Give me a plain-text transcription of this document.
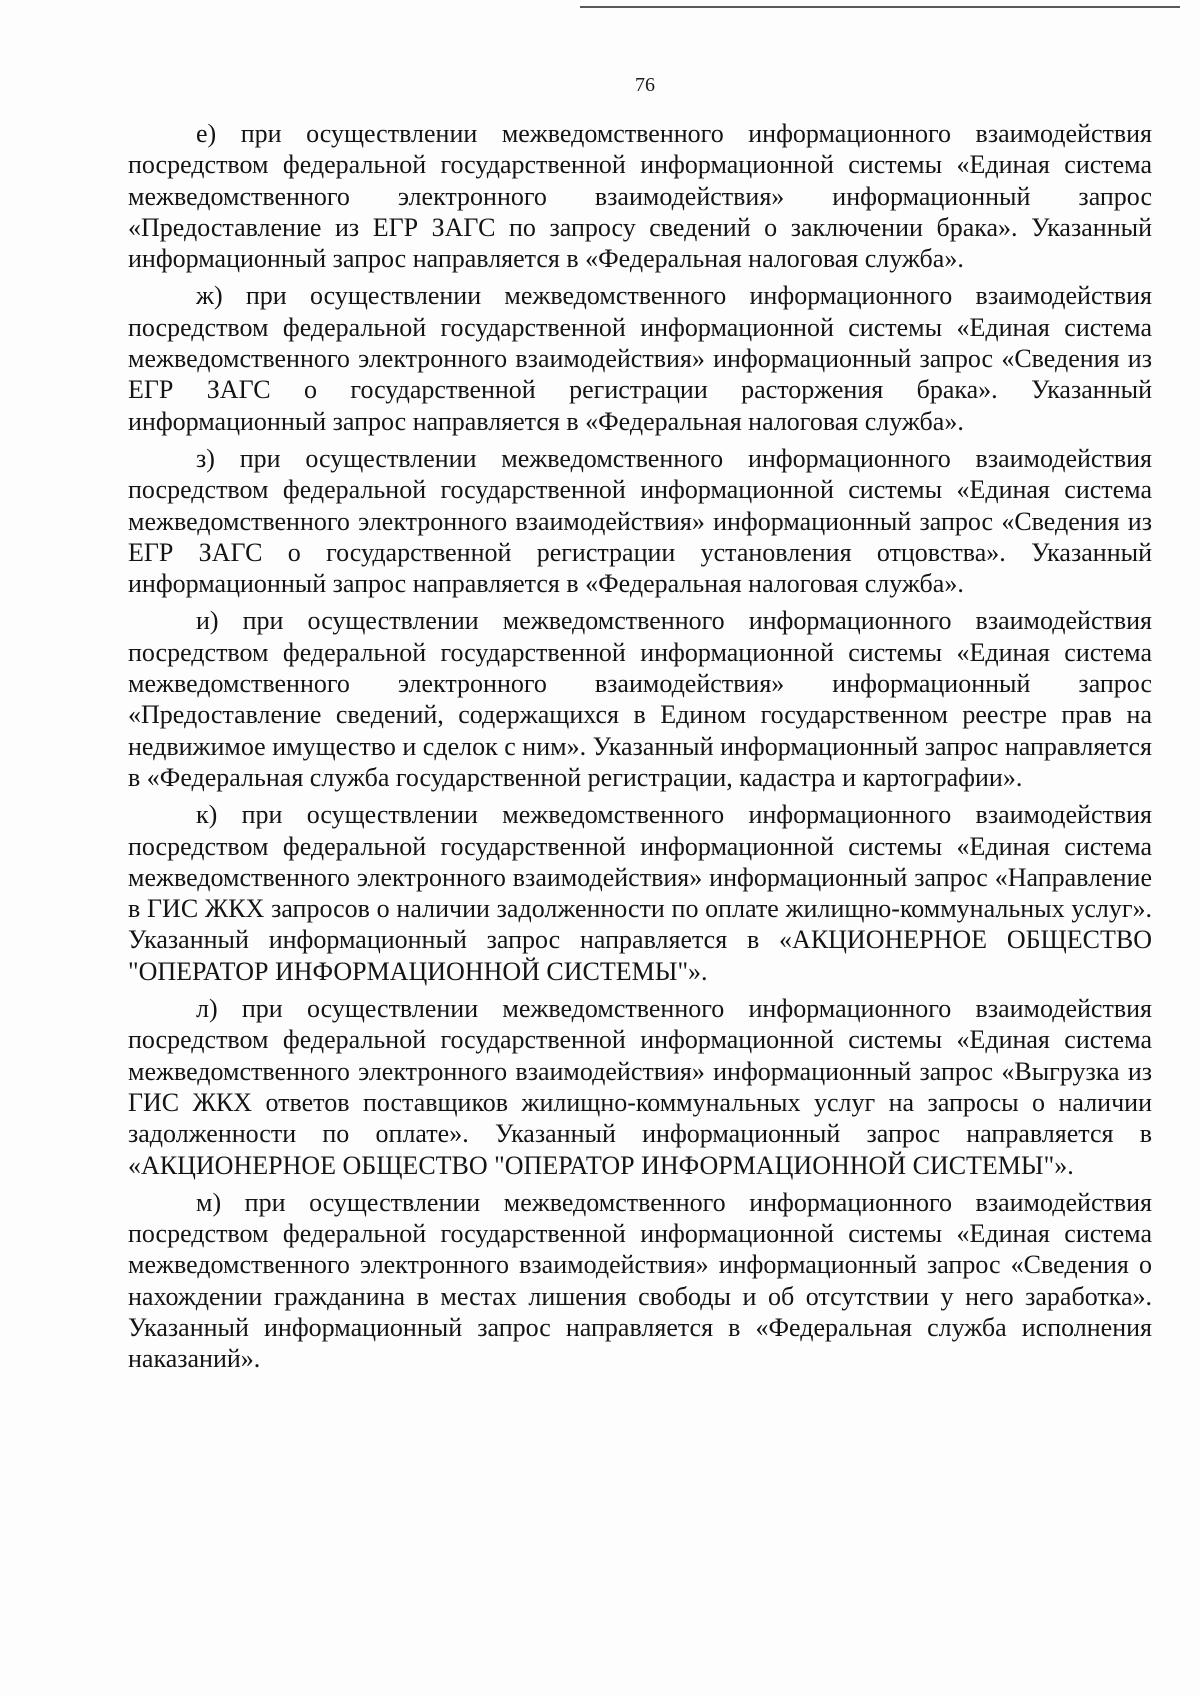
76

е) при осуществлении межведомственного информационного взаимодействия посредством федеральной государственной информационной системы «Единая система межведомственного электронного взаимодействия» информационный запрос «Предоставление из ЕГР ЗАГС по запросу сведений о заключении брака». Указанный информационный запрос направляется в «Федеральная налоговая служба».

ж) при осуществлении межведомственного информационного взаимодействия посредством федеральной государственной информационной системы «Единая система межведомственного электронного взаимодействия» информационный запрос «Сведения из ЕГР ЗАГС о государственной регистрации расторжения брака». Указанный информационный запрос направляется в «Федеральная налоговая служба».

з) при осуществлении межведомственного информационного взаимодействия посредством федеральной государственной информационной системы «Единая система межведомственного электронного взаимодействия» информационный запрос «Сведения из ЕГР ЗАГС о государственной регистрации установления отцовства». Указанный информационный запрос направляется в «Федеральная налоговая служба».

и) при осуществлении межведомственного информационного взаимодействия посредством федеральной государственной информационной системы «Единая система межведомственного электронного взаимодействия» информационный запрос «Предоставление сведений, содержащихся в Едином государственном реестре прав на недвижимое имущество и сделок с ним». Указанный информационный запрос направляется в «Федеральная служба государственной регистрации, кадастра и картографии».

к) при осуществлении межведомственного информационного взаимодействия посредством федеральной государственной информационной системы «Единая система межведомственного электронного взаимодействия» информационный запрос «Направление в ГИС ЖКХ запросов о наличии задолженности по оплате жилищно-коммунальных услуг». Указанный информационный запрос направляется в «АКЦИОНЕРНОЕ ОБЩЕСТВО "ОПЕРАТОР ИНФОРМАЦИОННОЙ СИСТЕМЫ"».

л) при осуществлении межведомственного информационного взаимодействия посредством федеральной государственной информационной системы «Единая система межведомственного электронного взаимодействия» информационный запрос «Выгрузка из ГИС ЖКХ ответов поставщиков жилищно-коммунальных услуг на запросы о наличии задолженности по оплате». Указанный информационный запрос направляется в «АКЦИОНЕРНОЕ ОБЩЕСТВО "ОПЕРАТОР ИНФОРМАЦИОННОЙ СИСТЕМЫ"».

м) при осуществлении межведомственного информационного взаимодействия посредством федеральной государственной информационной системы «Единая система межведомственного электронного взаимодействия» информационный запрос «Сведения о нахождении гражданина в местах лишения свободы и об отсутствии у него заработка». Указанный информационный запрос направляется в «Федеральная служба исполнения наказаний».
